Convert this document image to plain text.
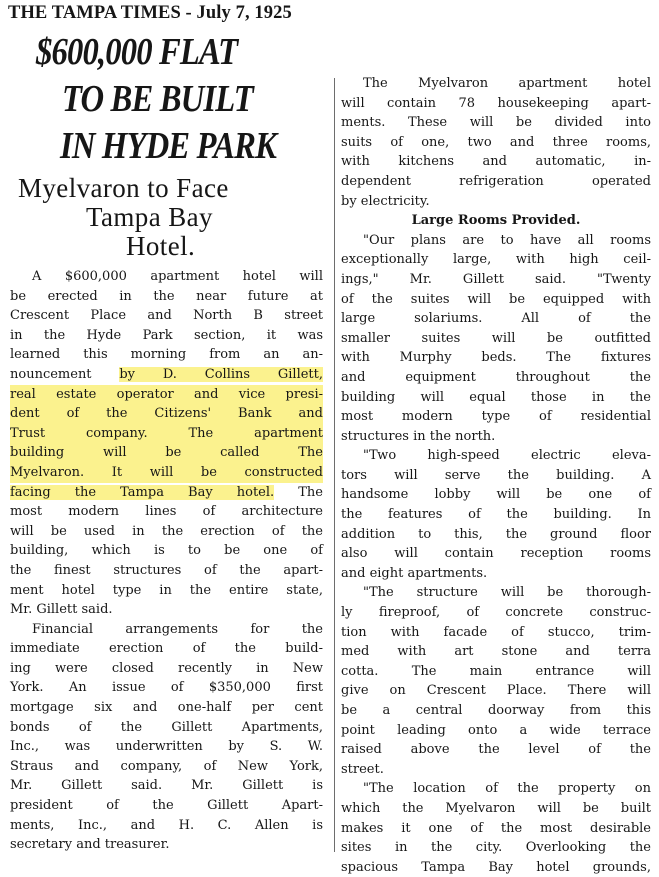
THE TAMPA TIMES - July 7, 1925
$600,000 FLAT
TO BE BUILT
IN HYDE PARK
Myelvaron to Face
Tampa Bay
Hotel.
A $600,000 apartment hotel will
be erected in the near future at
Crescent Place and North B street
in the Hyde Park section, it was
learned this morning from an an-
nouncement by D. Collins Gillett,
real estate operator and vice presi-
dent of the Citizens' Bank and
Trust company. The apartment
building will be called The
Myelvaron. It will be constructed
facing the Tampa Bay hotel. The
most modern lines of architecture
will be used in the erection of the
building, which is to be one of
the finest structures of the apart-
ment hotel type in the entire state,
Mr. Gillett said.
Financial arrangements for the
immediate erection of the build-
ing were closed recently in New
York. An issue of $350,000 first
mortgage six and one-half per cent
bonds of the Gillett Apartments,
Inc., was underwritten by S. W.
Straus and company, of New York,
Mr. Gillett said. Mr. Gillett is
president of the Gillett Apart-
ments, Inc., and H. C. Allen is
secretary and treasurer.
The Myelvaron apartment hotel
will contain 78 housekeeping apart-
ments. These will be divided into
suits of one, two and three rooms,
with kitchens and automatic, in-
dependent refrigeration operated
by electricity.
Large Rooms Provided.
"Our plans are to have all rooms
exceptionally large, with high ceil-
ings," Mr. Gillett said. "Twenty
of the suites will be equipped with
large solariums. All of the
smaller suites will be outfitted
with Murphy beds. The fixtures
and equipment throughout the
building will equal those in the
most modern type of residential
structures in the north.
"Two high-speed electric eleva-
tors will serve the building. A
handsome lobby will be one of
the features of the building. In
addition to this, the ground floor
also will contain reception rooms
and eight apartments.
"The structure will be thorough-
ly fireproof, of concrete construc-
tion with facade of stucco, trim-
med with art stone and terra
cotta. The main entrance will
give on Crescent Place. There will
be a central doorway from this
point leading onto a wide terrace
raised above the level of the
street.
"The location of the property on
which the Myelvaron will be built
makes it one of the most desirable
sites in the city. Overlooking the
spacious Tampa Bay hotel grounds,
